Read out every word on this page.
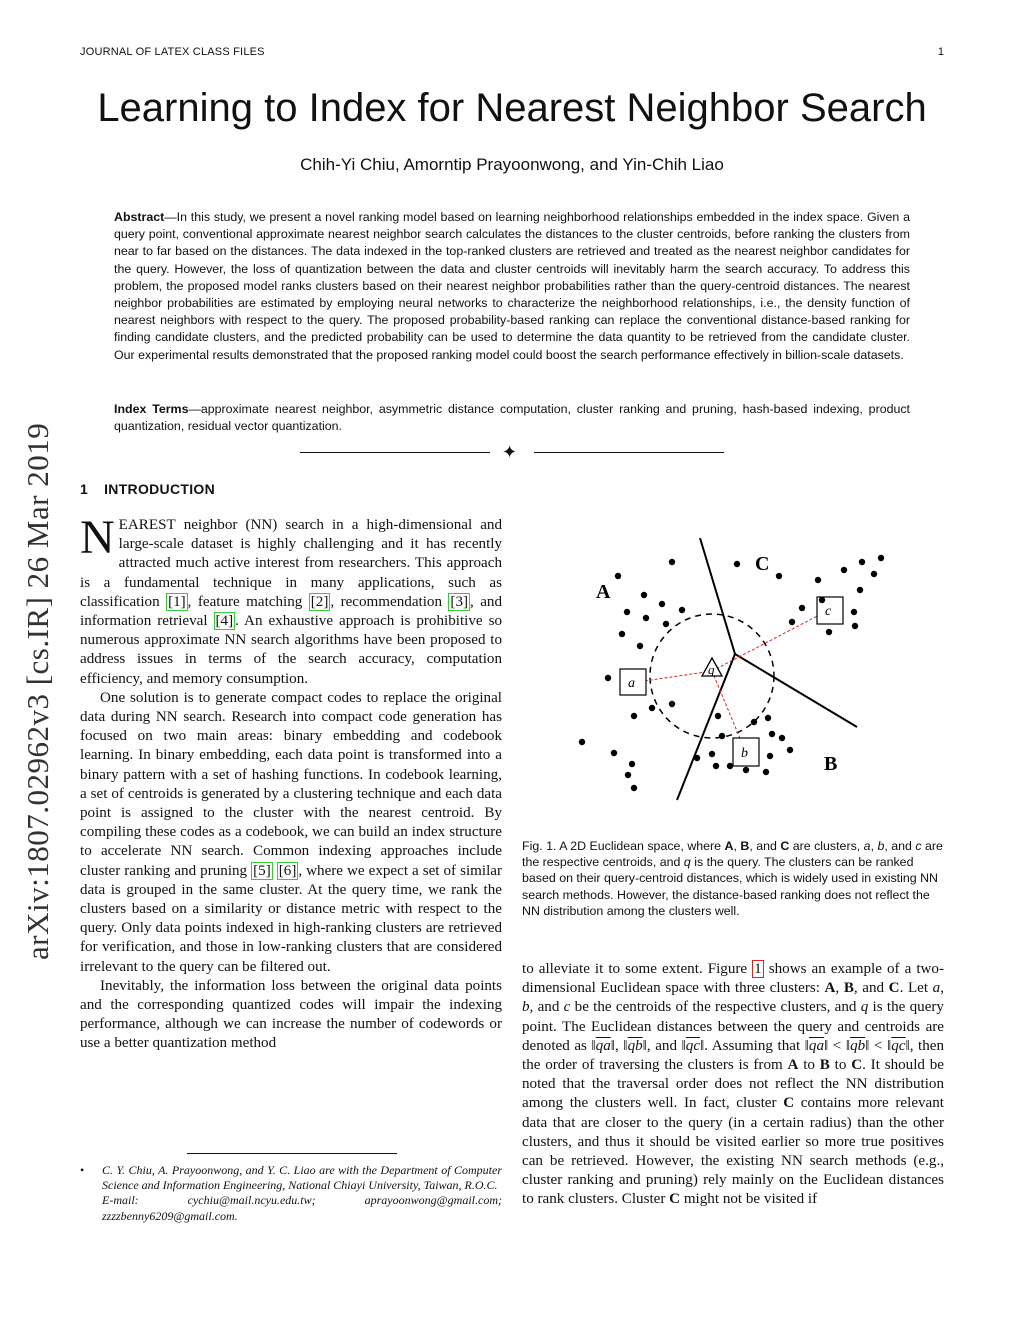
JOURNAL OF LATEX CLASS FILES	1
Learning to Index for Nearest Neighbor Search
Chih-Yi Chiu, Amorntip Prayoonwong, and Yin-Chih Liao
Abstract—In this study, we present a novel ranking model based on learning neighborhood relationships embedded in the index space. Given a query point, conventional approximate nearest neighbor search calculates the distances to the cluster centroids, before ranking the clusters from near to far based on the distances. The data indexed in the top-ranked clusters are retrieved and treated as the nearest neighbor candidates for the query. However, the loss of quantization between the data and cluster centroids will inevitably harm the search accuracy. To address this problem, the proposed model ranks clusters based on their nearest neighbor probabilities rather than the query-centroid distances. The nearest neighbor probabilities are estimated by employing neural networks to characterize the neighborhood relationships, i.e., the density function of nearest neighbors with respect to the query. The proposed probability-based ranking can replace the conventional distance-based ranking for finding candidate clusters, and the predicted probability can be used to determine the data quantity to be retrieved from the candidate cluster. Our experimental results demonstrated that the proposed ranking model could boost the search performance effectively in billion-scale datasets.
Index Terms—approximate nearest neighbor, asymmetric distance computation, cluster ranking and pruning, hash-based indexing, product quantization, residual vector quantization.
✦
arXiv:1807.02962v3 [cs.IR] 26 Mar 2019 1 INTRODUCTION

NEAREST neighbor (NN) search in a high-dimensional and large-scale dataset is highly challenging and it has recently attracted much active interest from researchers. This approach is a fundamental technique in many applications, such as classification [1] , feature matching [2] , recommendation [3] , and information retrieval [4] . An exhaustive approach is prohibitive so numerous approximate NN search algorithms have been proposed to address issues in terms of the search accuracy, computation efficiency, and memory consumption.

One solution is to generate compact codes to replace the original data during NN search. Research into compact code generation has focused on two main areas: binary embedding and codebook learning. In binary embedding, each data point is transformed into a binary pattern with a set of hashing functions. In codebook learning, a set of centroids is generated by a clustering technique and each data point is assigned to the cluster with the nearest centroid. By compiling these codes as a codebook, we can build an index structure to accelerate NN search. Common indexing approaches include cluster ranking and pruning [5] [6] , where we expect a set of similar data is grouped in the same cluster. At the query time, we rank the clusters based on a similarity or distance metric with respect to the query. Only data points indexed in high-ranking clusters are retrieved for verification, and those in low-ranking clusters that are considered irrelevant to the query can be filtered out.

Inevitably, the information loss between the original data points and the corresponding quantized codes will impair the indexing performance, although we can increase the number of codewords or use a better quantization method

• C. Y. Chiu, A. Prayoonwong, and Y. C. Liao are with the Department of Computer Science and Information Engineering, National Chiayi University, Taiwan, R.O.C.

E-mail:	cychiu@mail.ncyu.edu.tw;	aprayoonwong@gmail.com;
zzzzbenny6209@gmail.com.
q
a
b
c
A
B
C
Fig. 1. A 2D Euclidean space, where A, B, and C are clusters, a, b, and c are the respective centroids, and q is the query. The clusters can be ranked based on their query-centroid distances, which is widely used in existing NN search methods. However, the distance-based ranking does not reflect the NN distribution among the clusters well.

to alleviate it to some extent. Figure 1 shows an example of a two-dimensional Euclidean space with three clusters: A, B, and C. Let a, b, and c be the centroids of the respective clusters, and q is the query point. The Euclidean distances between the query and centroids are denoted as $‖\overline{qa}‖$, $‖\overline{qb}‖$, and $‖\overline{qc}‖$. Assuming that $‖\overline{qa}‖$ < $‖\overline{qb}‖$ < $‖\overline{qc}‖$, then the order of traversing the clusters is from A to B to C. It should be noted that the traversal order does not reflect the NN distribution among the clusters well. In fact, cluster C contains more relevant data that are closer to the query (in a certain radius) than the other clusters, and thus it should be visited earlier so more true positives can be retrieved. However, the existing NN search methods (e.g., cluster ranking and pruning) rely mainly on the Euclidean distances to rank clusters. Cluster C might not be visited if
